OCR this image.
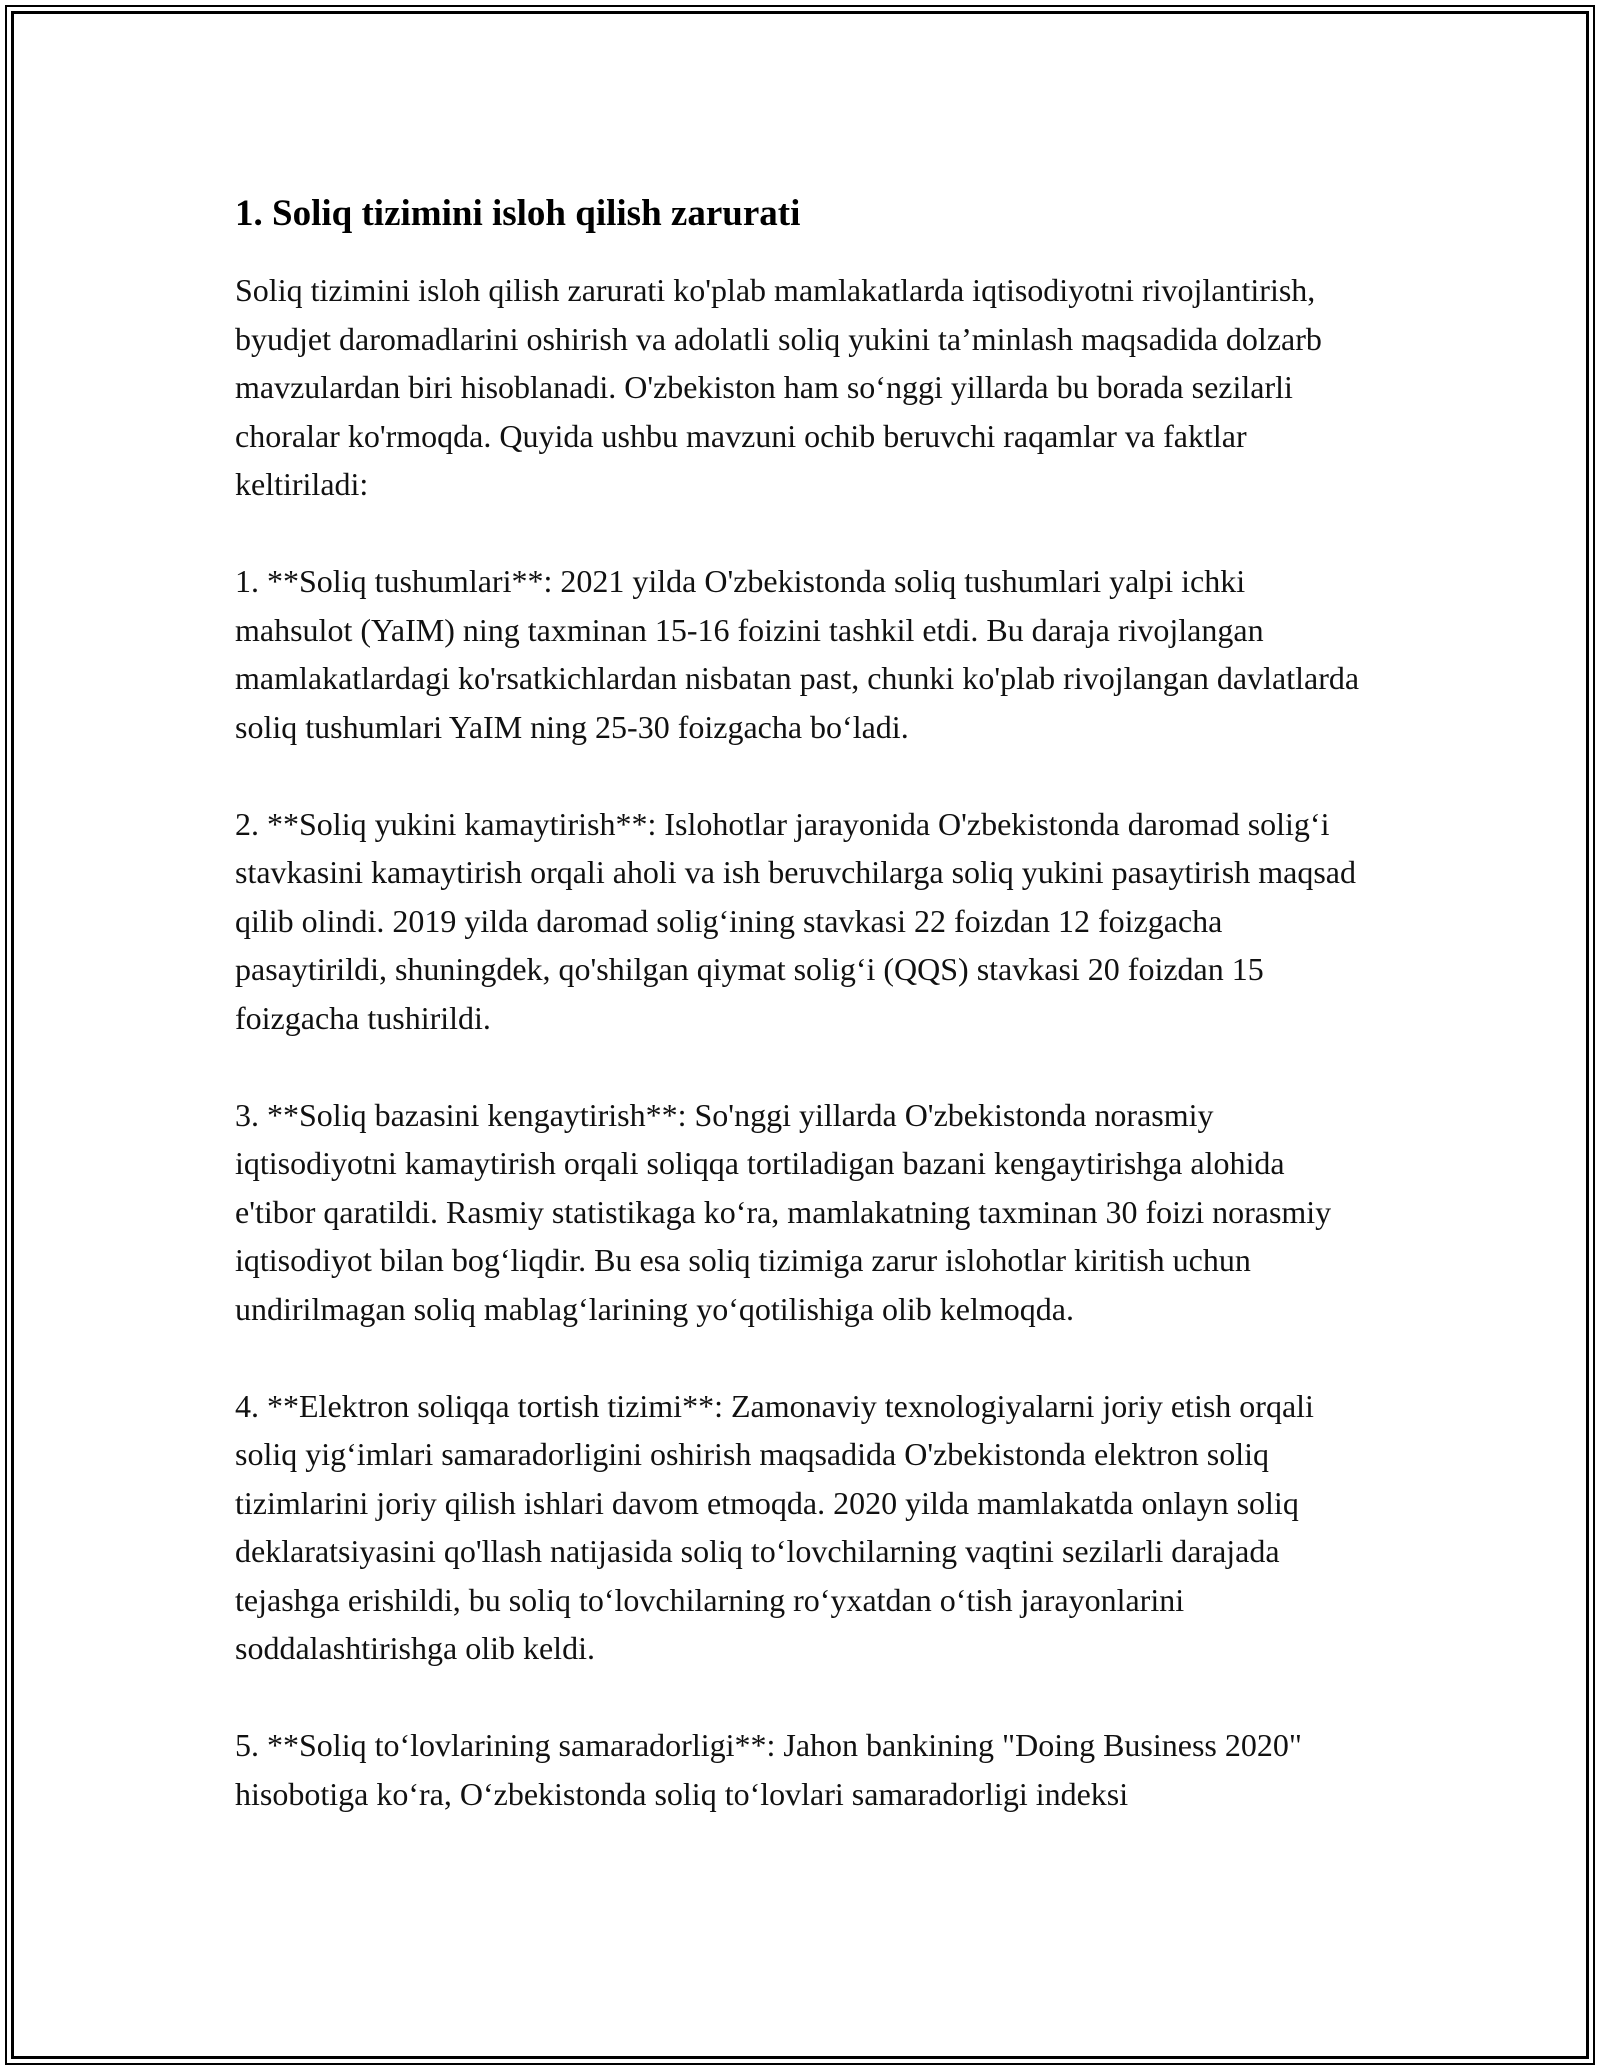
1. Soliq tizimini isloh qilish zarurati

Soliq tizimini isloh qilish zarurati ko'plab mamlakatlarda iqtisodiyotni rivojlantirish, byudjet daromadlarini oshirish va adolatli soliq yukini ta’minlash maqsadida dolzarb mavzulardan biri hisoblanadi. O'zbekiston ham so‘nggi yillarda bu borada sezilarli choralar ko'rmoqda. Quyida ushbu mavzuni ochib beruvchi raqamlar va faktlar keltiriladi:

1. **Soliq tushumlari**: 2021 yilda O'zbekistonda soliq tushumlari yalpi ichki mahsulot (YaIM) ning taxminan 15-16 foizini tashkil etdi. Bu daraja rivojlangan mamlakatlardagi ko'rsatkichlardan nisbatan past, chunki ko'plab rivojlangan davlatlarda soliq tushumlari YaIM ning 25-30 foizgacha bo‘ladi.

2. **Soliq yukini kamaytirish**: Islohotlar jarayonida O'zbekistonda daromad solig‘i stavkasini kamaytirish orqali aholi va ish beruvchilarga soliq yukini pasaytirish maqsad qilib olindi. 2019 yilda daromad solig‘ining stavkasi 22 foizdan 12 foizgacha pasaytirildi, shuningdek, qo'shilgan qiymat solig‘i (QQS) stavkasi 20 foizdan 15 foizgacha tushirildi.

3. **Soliq bazasini kengaytirish**: So'nggi yillarda O'zbekistonda norasmiy iqtisodiyotni kamaytirish orqali soliqqa tortiladigan bazani kengaytirishga alohida e'tibor qaratildi. Rasmiy statistikaga ko‘ra, mamlakatning taxminan 30 foizi norasmiy iqtisodiyot bilan bog‘liqdir. Bu esa soliq tizimiga zarur islohotlar kiritish uchun undirilmagan soliq mablag‘larining yo‘qotilishiga olib kelmoqda.

4. **Elektron soliqqa tortish tizimi**: Zamonaviy texnologiyalarni joriy etish orqali soliq yig‘imlari samaradorligini oshirish maqsadida O'zbekistonda elektron soliq tizimlarini joriy qilish ishlari davom etmoqda. 2020 yilda mamlakatda onlayn soliq deklaratsiyasini qo'llash natijasida soliq to‘lovchilarning vaqtini sezilarli darajada tejashga erishildi, bu soliq to‘lovchilarning ro‘yxatdan o‘tish jarayonlarini soddalashtirishga olib keldi.

5. **Soliq to‘lovlarining samaradorligi**: Jahon bankining "Doing Business 2020" hisobotiga ko‘ra, O‘zbekistonda soliq to‘lovlari samaradorligi indeksi
